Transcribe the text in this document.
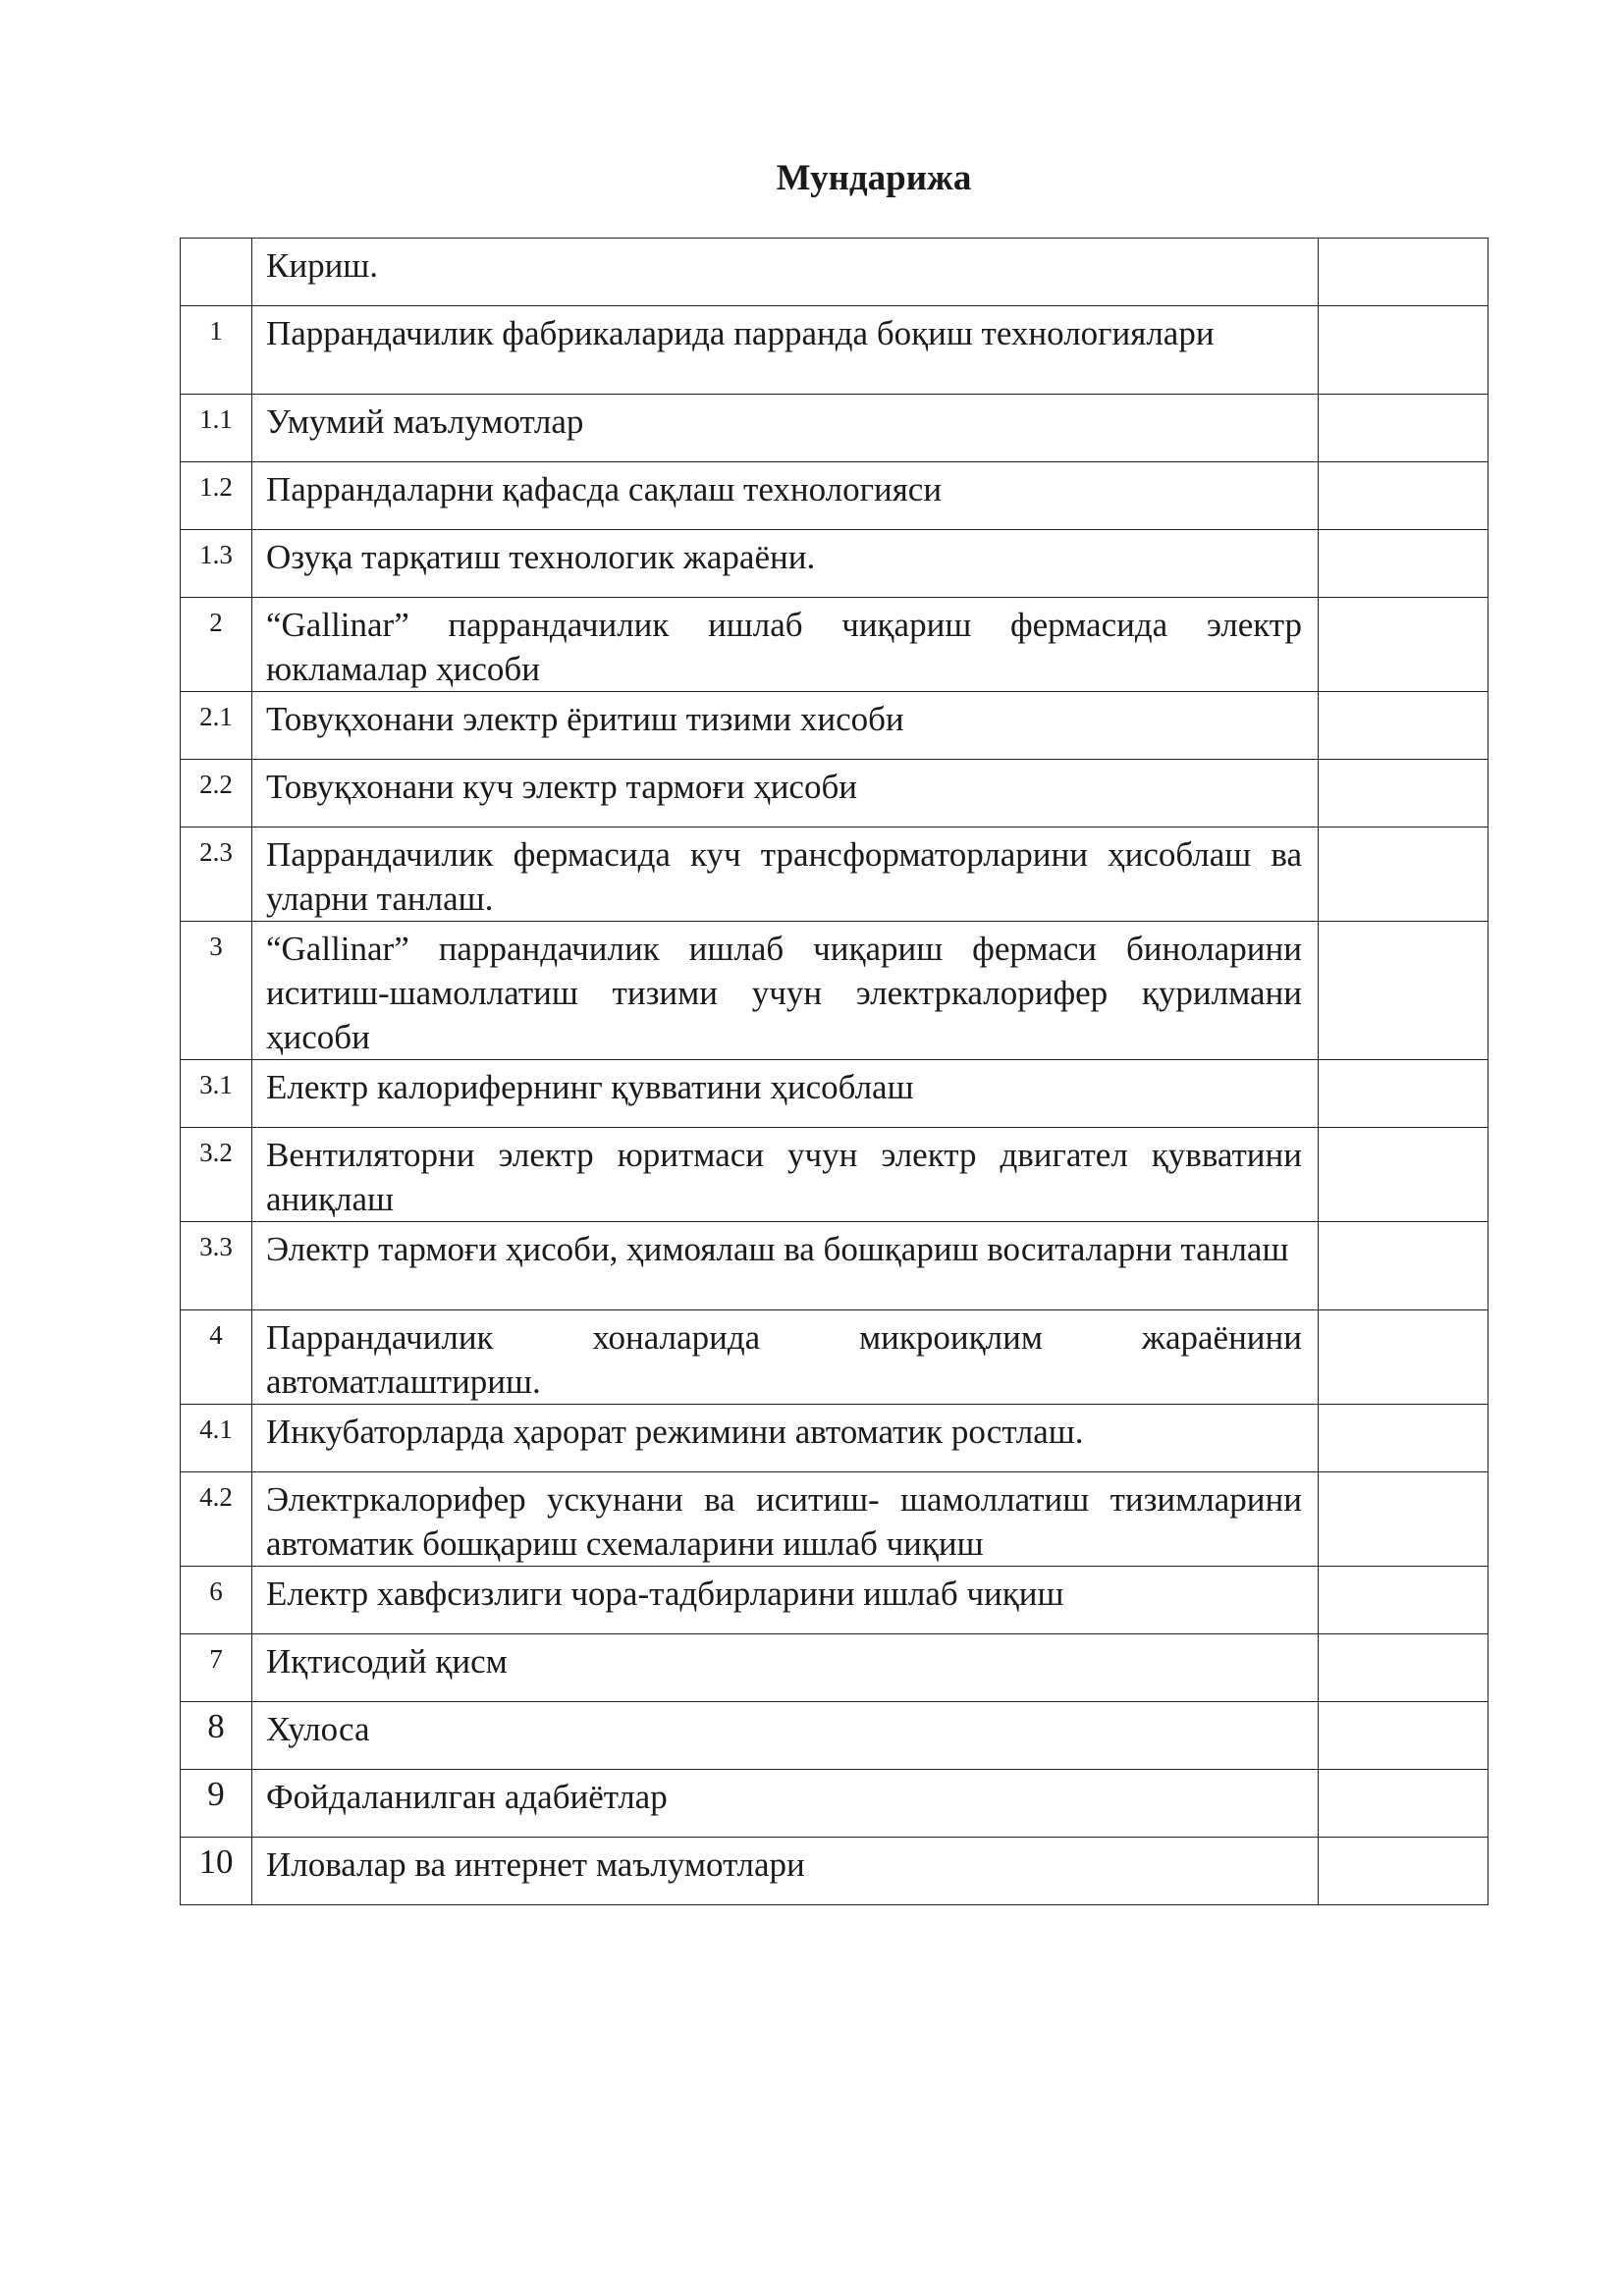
Мундарижа
	Кириш.	
1	Паррандачилик фабрикаларида парранда боқиш технологиялари	
1.1	Умумий маълумотлар	
1.2	Паррандаларни қафасда сақлаш технологияси	
1.3	Озуқа тарқатиш технологик жараёни.	
2	“Gallinar” паррандачилик ишлаб чиқариш фермасида электр юкламалар ҳисоби	
2.1	Товуқхонани электр ёритиш тизими хисоби	
2.2	Товуқхонани куч электр тармоғи ҳисоби	
2.3	Паррандачилик фермасида куч трансформаторларини ҳисоблаш ва уларни танлаш.	
3	“Gallinar” паррандачилик ишлаб чиқариш фермаси биноларини иситиш-шамоллатиш тизими учун электркалорифер қурилмани ҳисоби	
3.1	Електр калорифернинг қувватини ҳисоблаш	
3.2	Вентиляторни электр юритмаси учун электр двигател қувватини аниқлаш	
3.3	Электр тармоғи ҳисоби, ҳимоялаш ва бошқариш воситаларни танлаш	
4	Паррандачилик хоналарида микроиқлим жараёнини автоматлаштириш.	
4.1	Инкубаторларда ҳарорат режимини автоматик ростлаш.	
4.2	Электркалорифер ускунани ва иситиш- шамоллатиш тизимларини автоматик бошқариш схемаларини ишлаб чиқиш	
6	Електр хавфсизлиги чора-тадбирларини ишлаб чиқиш	
7	Иқтисодий қисм	
8	Хулоса	
9	Фойдаланилган адабиётлар	
10	Иловалар ва интернет маълумотлари	
